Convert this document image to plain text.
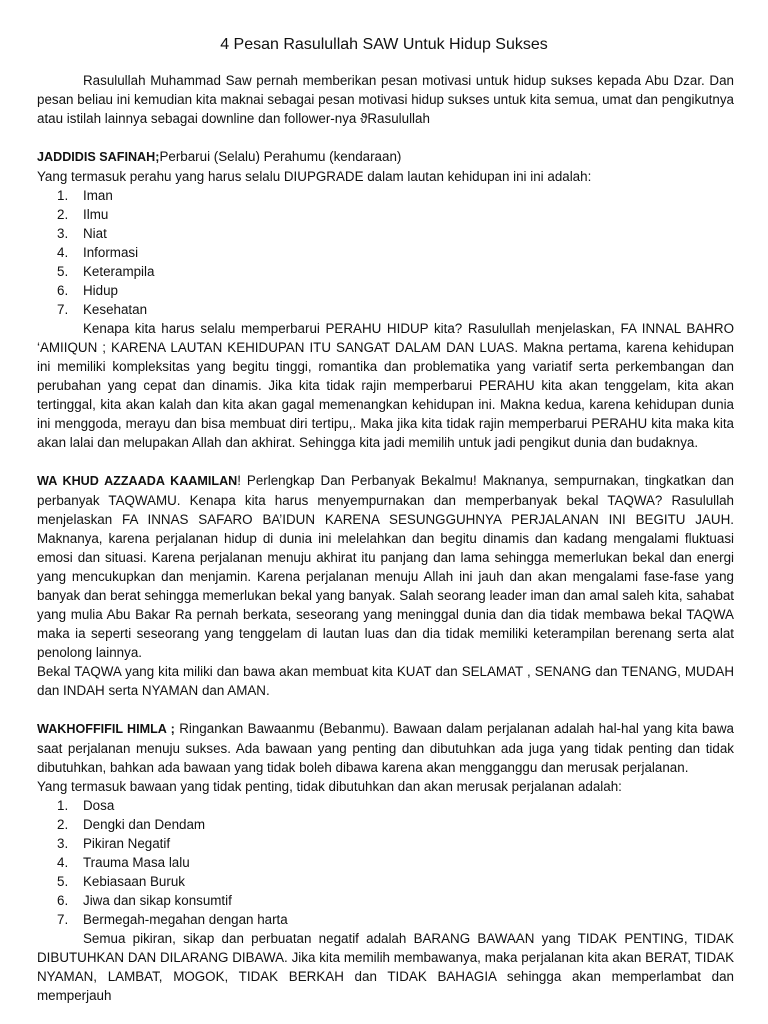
4 Pesan Rasulullah SAW Untuk Hidup Sukses

Rasulullah Muhammad Saw pernah memberikan pesan motivasi untuk hidup sukses kepada Abu Dzar. Dan pesan beliau ini kemudian kita maknai sebagai pesan motivasi hidup sukses untuk kita semua, umat dan pengikutnya atau istilah lainnya sebagai downline dan follower-nya ϑRasulullah

JADDIDIS SAFINAH;Perbarui (Selalu) Perahumu (kendaraan)

Yang termasuk perahu yang harus selalu DIUPGRADE dalam lautan kehidupan ini ini adalah:

1.	Iman
2.	Ilmu
3.	Niat
4.	Informasi
5.	Keterampila
6.	Hidup
7.	Kesehatan

Kenapa kita harus selalu memperbarui PERAHU HIDUP kita? Rasulullah menjelaskan, FA INNAL BAHRO ‘AMIIQUN ; KARENA LAUTAN KEHIDUPAN ITU SANGAT DALAM DAN LUAS. Makna pertama, karena kehidupan ini memiliki kompleksitas yang begitu tinggi, romantika dan problematika yang variatif serta perkembangan dan perubahan yang cepat dan dinamis. Jika kita tidak rajin memperbarui PERAHU kita akan tenggelam, kita akan tertinggal, kita akan kalah dan kita akan gagal memenangkan kehidupan ini. Makna kedua, karena kehidupan dunia ini menggoda, merayu dan bisa membuat diri tertipu,. Maka jika kita tidak rajin memperbarui PERAHU kita maka kita akan lalai dan melupakan Allah dan akhirat. Sehingga kita jadi memilih untuk jadi pengikut dunia dan budaknya.

WA KHUD AZZAADA KAAMILAN! Perlengkap Dan Perbanyak Bekalmu! Maknanya, sempurnakan, tingkatkan dan perbanyak TAQWAMU. Kenapa kita harus menyempurnakan dan memperbanyak bekal TAQWA? Rasulullah menjelaskan FA INNAS SAFARO BA’IDUN KARENA SESUNGGUHNYA PERJALANAN INI BEGITU JAUH. Maknanya, karena perjalanan hidup di dunia ini melelahkan dan begitu dinamis dan kadang mengalami fluktuasi emosi dan situasi. Karena perjalanan menuju akhirat itu panjang dan lama sehingga memerlukan bekal dan energi yang mencukupkan dan menjamin. Karena perjalanan menuju Allah ini jauh dan akan mengalami fase-fase yang banyak dan berat sehingga memerlukan bekal yang banyak. Salah seorang leader iman dan amal saleh kita, sahabat yang mulia Abu Bakar Ra pernah berkata, seseorang yang meninggal dunia dan dia tidak membawa bekal TAQWA maka ia seperti seseorang yang tenggelam di lautan luas dan dia tidak memiliki keterampilan berenang serta alat penolong lainnya.

Bekal TAQWA yang kita miliki dan bawa akan membuat kita KUAT dan SELAMAT , SENANG dan TENANG, MUDAH dan INDAH serta NYAMAN dan AMAN.

WAKHOFFIFIL HIMLA ; Ringankan Bawaanmu (Bebanmu). Bawaan dalam perjalanan adalah hal-hal yang kita bawa saat perjalanan menuju sukses. Ada bawaan yang penting dan dibutuhkan ada juga yang tidak penting dan tidak dibutuhkan, bahkan ada bawaan yang tidak boleh dibawa karena akan mengganggu dan merusak perjalanan.

Yang termasuk bawaan yang tidak penting, tidak dibutuhkan dan akan merusak perjalanan adalah:

1.	Dosa
2.	Dengki dan Dendam
3.	Pikiran Negatif
4.	Trauma Masa lalu
5.	Kebiasaan Buruk
6.	Jiwa dan sikap konsumtif
7.	Bermegah-megahan dengan harta

Semua pikiran, sikap dan perbuatan negatif adalah BARANG BAWAAN yang TIDAK PENTING, TIDAK DIBUTUHKAN DAN DILARANG DIBAWA. Jika kita memilih membawanya, maka perjalanan kita akan BERAT, TIDAK NYAMAN, LAMBAT, MOGOK, TIDAK BERKAH dan TIDAK BAHAGIA sehingga akan memperlambat dan memperjauh
